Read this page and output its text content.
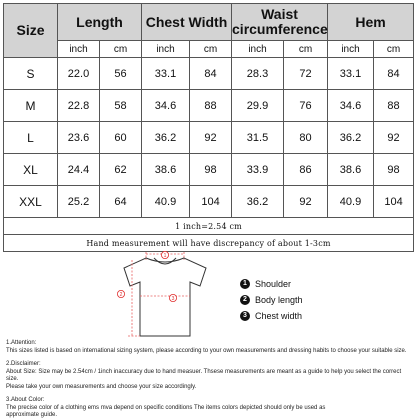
Size	Length		Chest Width		Waist circumference		Hem	
	inch	cm	inch	cm	inch	cm	inch	cm
S	22.0	56	33.1	84	28.3	72	33.1	84
M	22.8	58	34.6	88	29.9	76	34.6	88
L	23.6	60	36.2	92	31.5	80	36.2	92
XL	24.4	62	38.6	98	33.9	86	38.6	98
XXL	25.2	64	40.9	104	36.2	92	40.9	104
1 inch=2.54 cm								
Hand measurement will have discrepancy of about 1-3cm								
1
2
3
1 Shoulder
2 Body length
3 Chest width

1.Attention:

This sizes listed is based on international sizing system, please according to your own measurements and dressing habits to choose your suitable size.

2.Disclaimer:

About Size: Size may be 2.54cm / 1inch inaccuracy due to hand measuer. Thsese measurements are meant as a guide to help you select the correct size.

Please take your own measurements and choose your size accordingly.

3.About Color:

The precise color of a clothing ems mva depend on specific conditions The items colors depicted should only be used as

approximate guide.
